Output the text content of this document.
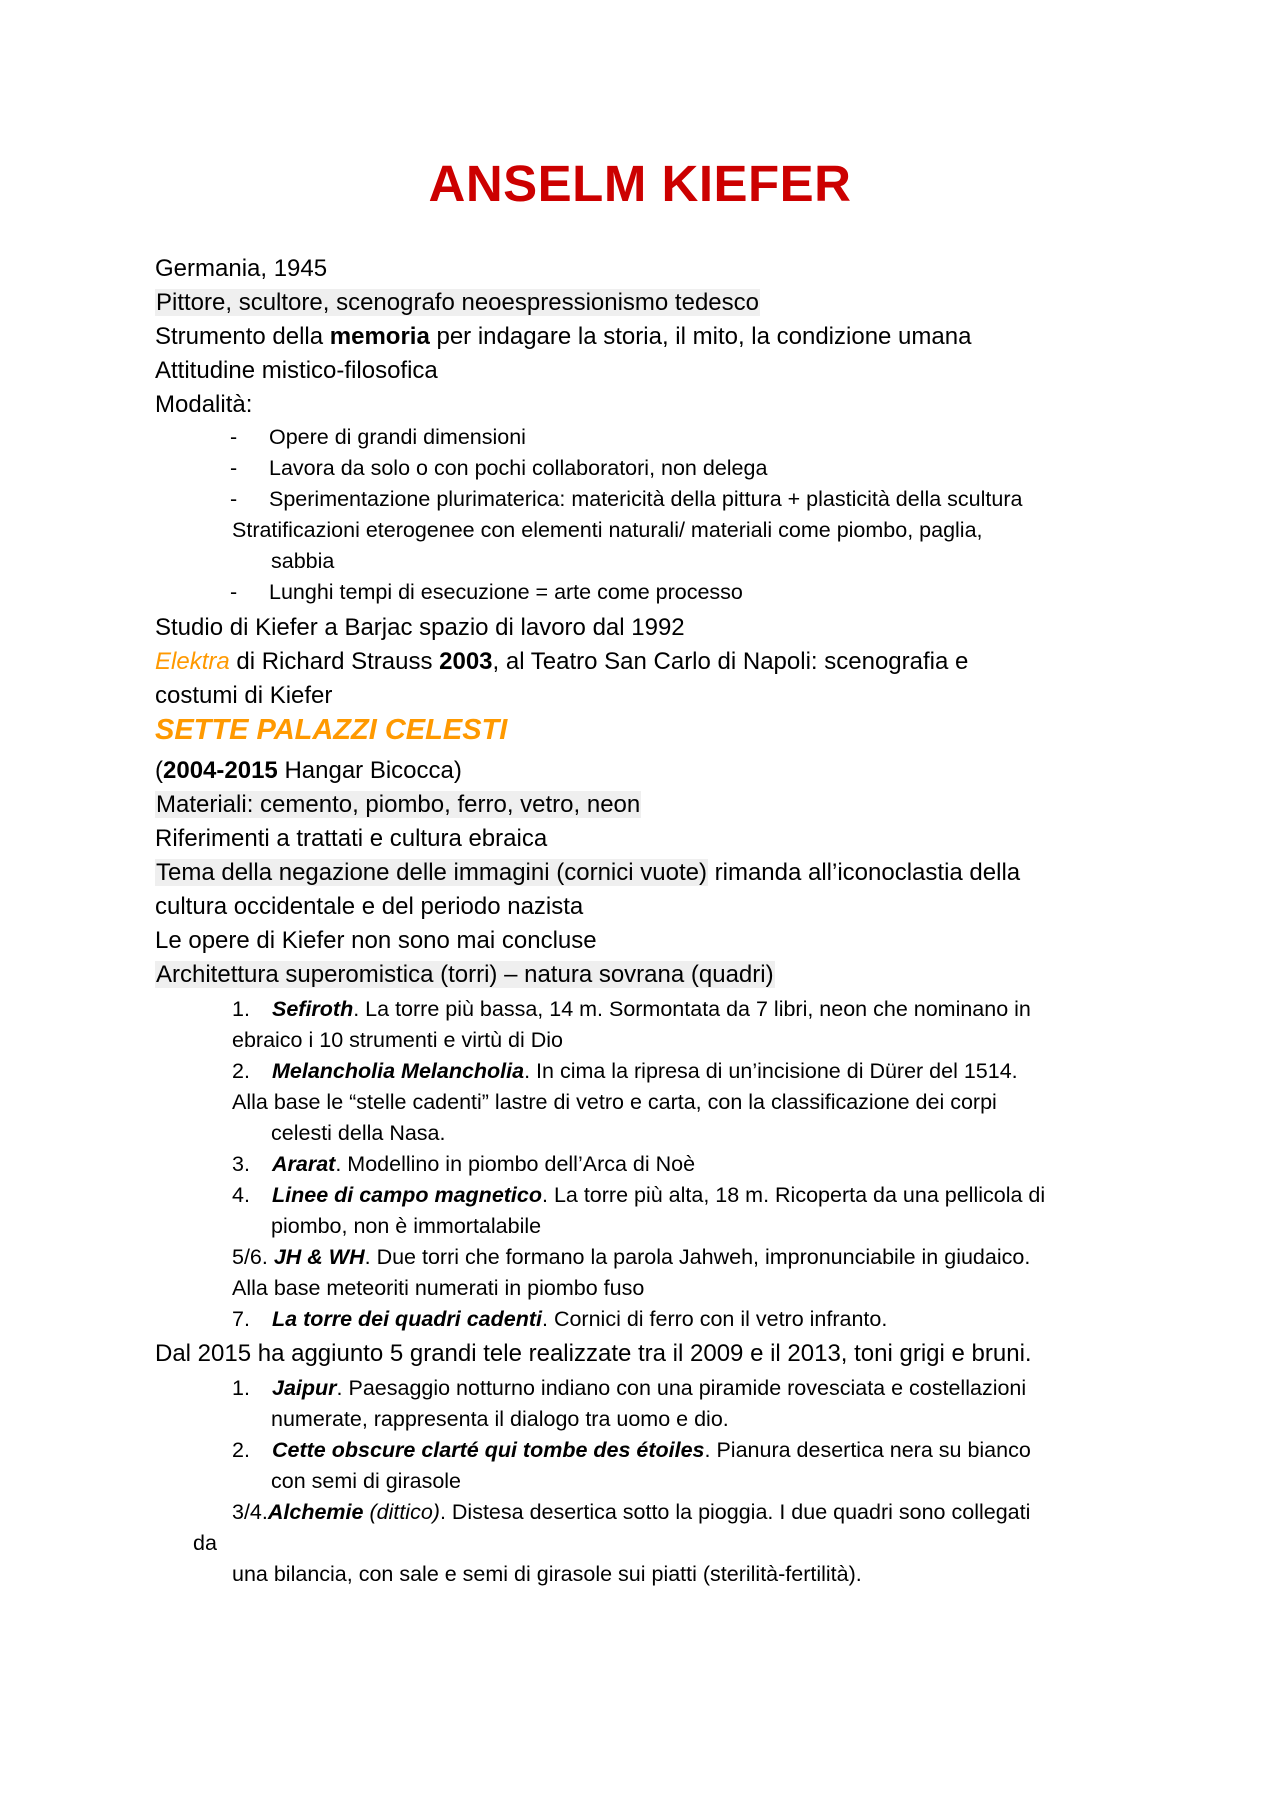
ANSELM KIEFER
Germania, 1945
Pittore, scultore, scenografo neoespressionismo tedesco
Strumento della memoria per indagare la storia, il mito, la condizione umana
Attitudine mistico-filosofica
Modalità:
- Opere di grandi dimensioni
- Lavora da solo o con pochi collaboratori, non delega
- Sperimentazione plurimaterica: matericità della pittura + plasticità della scultura
Stratificazioni eterogenee con elementi naturali/ materiali come piombo, paglia,
sabbia
- Lunghi tempi di esecuzione = arte come processo
Studio di Kiefer a Barjac spazio di lavoro dal 1992
Elektra di Richard Strauss 2003, al Teatro San Carlo di Napoli: scenografia e
costumi di Kiefer
SETTE PALAZZI CELESTI
(2004-2015 Hangar Bicocca)
Materiali: cemento, piombo, ferro, vetro, neon
Riferimenti a trattati e cultura ebraica
Tema della negazione delle immagini (cornici vuote) rimanda all’iconoclastia della
cultura occidentale e del periodo nazista
Le opere di Kiefer non sono mai concluse
Architettura superomistica (torri) – natura sovrana (quadri)
1. Sefiroth. La torre più bassa, 14 m. Sormontata da 7 libri, neon che nominano in
ebraico i 10 strumenti e virtù di Dio
2. Melancholia Melancholia. In cima la ripresa di un’incisione di Dürer del 1514.
Alla base le “stelle cadenti” lastre di vetro e carta, con la classificazione dei corpi
celesti della Nasa.
3. Ararat. Modellino in piombo dell’Arca di Noè
4. Linee di campo magnetico. La torre più alta, 18 m. Ricoperta da una pellicola di
piombo, non è immortalabile
5/6. JH & WH. Due torri che formano la parola Jahweh, impronunciabile in giudaico.
Alla base meteoriti numerati in piombo fuso
7. La torre dei quadri cadenti. Cornici di ferro con il vetro infranto.
Dal 2015 ha aggiunto 5 grandi tele realizzate tra il 2009 e il 2013, toni grigi e bruni.
1. Jaipur. Paesaggio notturno indiano con una piramide rovesciata e costellazioni
numerate, rappresenta il dialogo tra uomo e dio.
2. Cette obscure clarté qui tombe des étoiles. Pianura desertica nera su bianco
con semi di girasole
3/4.Alchemie (dittico). Distesa desertica sotto la pioggia. I due quadri sono collegati
da
una bilancia, con sale e semi di girasole sui piatti (sterilità-fertilità).
